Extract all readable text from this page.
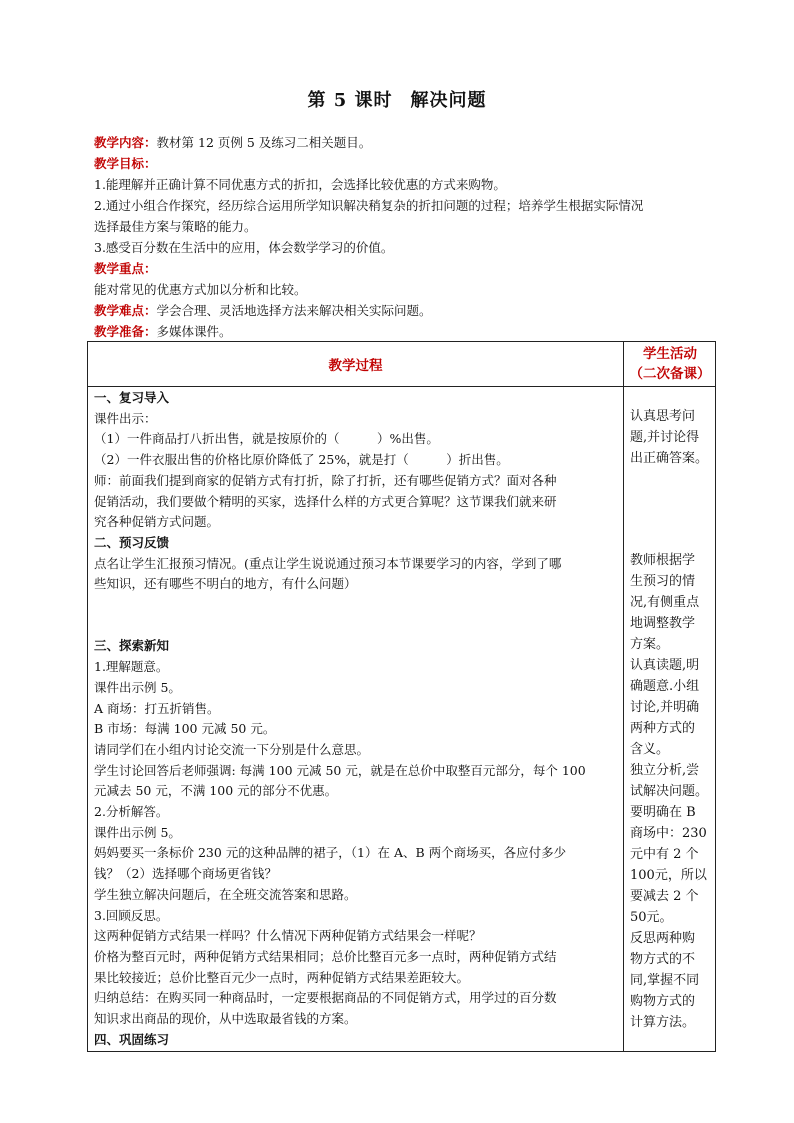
第 5 课时 解决问题
教学内容：教材第 12 页例 5 及练习二相关题目。
教学目标：
1.能理解并正确计算不同优惠方式的折扣，会选择比较优惠的方式来购物。
2.通过小组合作探究，经历综合运用所学知识解决稍复杂的折扣问题的过程；培养学生根据实际情况
选择最佳方案与策略的能力。
3.感受百分数在生活中的应用，体会数学学习的价值。
教学重点：
能对常见的优惠方式加以分析和比较。
教学难点：学会合理、灵活地选择方法来解决相关实际问题。
教学准备：多媒体课件。
教学过程
学生活动
（二次备课）
一、复习导入
课件出示：
（1）一件商品打八折出售，就是按原价的（　　　）%出售。
（2）一件衣服出售的价格比原价降低了 25%，就是打（　　　）折出售。
师：前面我们提到商家的促销方式有打折，除了打折，还有哪些促销方式？面对各种
促销活动，我们要做个精明的买家，选择什么样的方式更合算呢？这节课我们就来研
究各种促销方式问题。
二、预习反馈
点名让学生汇报预习情况。(重点让学生说说通过预习本节课要学习的内容，学到了哪
些知识，还有哪些不明白的地方，有什么问题）
三、探索新知
1.理解题意。
课件出示例 5。
A 商场：打五折销售。
B 市场：每满 100 元减 50 元。
请同学们在小组内讨论交流一下分别是什么意思。
学生讨论回答后老师强调: 每满 100 元减 50 元，就是在总价中取整百元部分，每个 100
元减去 50 元，不满 100 元的部分不优惠。
2.分析解答。
课件出示例 5。
妈妈要买一条标价 230 元的这种品牌的裙子，（1）在 A、B 两个商场买，各应付多少
钱？（2）选择哪个商场更省钱？
学生独立解决问题后，在全班交流答案和思路。
3.回顾反思。
这两种促销方式结果一样吗？什么情况下两种促销方式结果会一样呢？
价格为整百元时，两种促销方式结果相同；总价比整百元多一点时，两种促销方式结
果比较接近；总价比整百元少一点时，两种促销方式结果差距较大。
归纳总结：在购买同一种商品时，一定要根据商品的不同促销方式，用学过的百分数
知识求出商品的现价，从中选取最省钱的方案。
四、巩固练习
认真思考问
题,并讨论得
出正确答案。
教师根据学
生预习的情
况,有侧重点
地调整教学
方案。
认真读题,明
确题意.小组
讨论,并明确
两种方式的
含义。
独立分析,尝
试解决问题。
要明确在 B
商场中：230
元中有 2 个
100元，所以
要减去 2 个
50元。
反思两种购
物方式的不
同,掌握不同
购物方式的
计算方法。
